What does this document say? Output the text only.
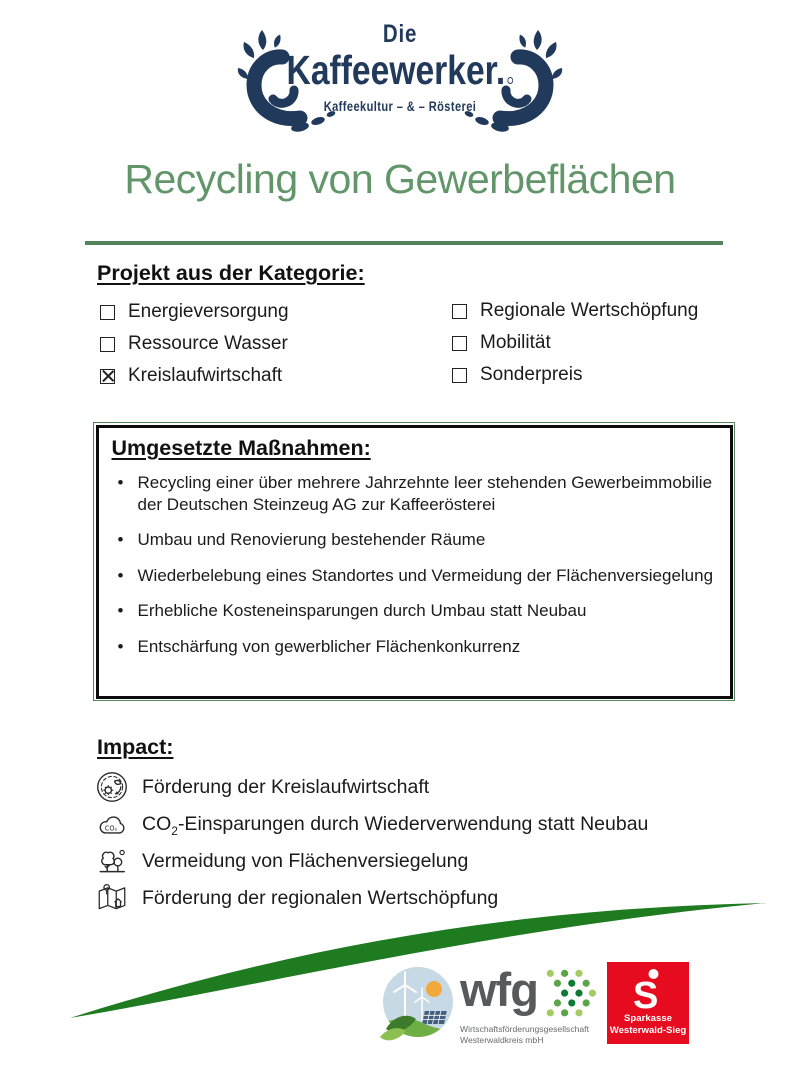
Die
Kaffeewerker.
Kaffeekultur – & – Rösterei
Recycling von Gewerbeflächen
Projekt aus der Kategorie:
Energieversorgung
Ressource Wasser
Kreislaufwirtschaft
Regionale Wertschöpfung
Mobilität
Sonderpreis
Umgesetzte Maßnahmen:
• Recycling einer über mehrere Jahrzehnte leer stehenden Gewerbeimmobilie der Deutschen Steinzeug AG zur Kaffeerösterei
• Umbau und Renovierung bestehender Räume
• Wiederbelebung eines Standortes und Vermeidung der Flächenversiegelung
• Erhebliche Kosteneinsparungen durch Umbau statt Neubau
• Entschärfung von gewerblicher Flächenkonkurrenz
Impact:
Förderung der Kreislaufwirtschaft
CO₂ $CO_2$-Einsparungen durch Wiederverwendung statt Neubau
Vermeidung von Flächenversiegelung
Förderung der regionalen Wertschöpfung
wfg
Wirtschaftsförderungsgesellschaft
Westerwaldkreis mbH
S
Sparkasse
Westerwald-Sieg
